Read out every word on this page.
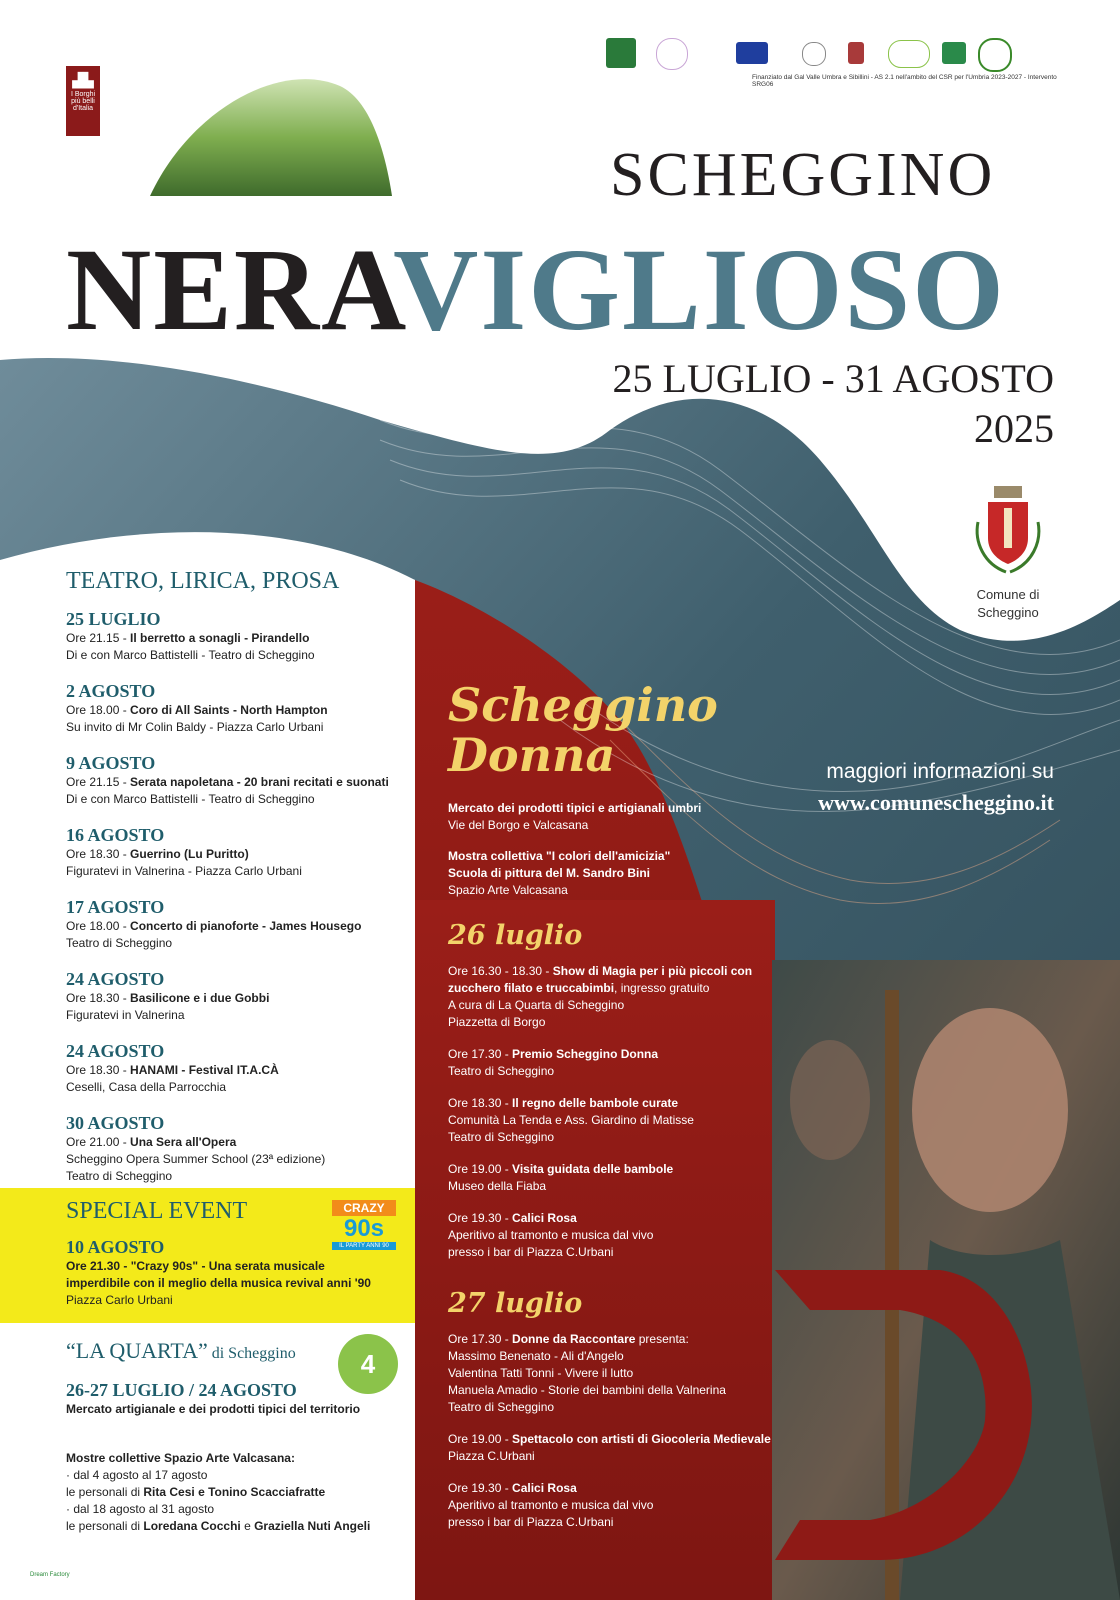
▟▙
I Borghi più belli d'Italia
Finanziato dal Gal Valle Umbra e Sibillini - AS 2.1 nell'ambito del CSR per l'Umbria 2023-2027 - Intervento SRG06
SCHEGGINO
NERAVIGLIOSO
25 LUGLIO - 31 AGOSTO
2025
Comune di
Scheggino
TEATRO, LIRICA, PROSA
25 LUGLIO
Ore 21.15 - Il berretto a sonagli - Pirandello
Di e con Marco Battistelli - Teatro di Scheggino
2 AGOSTO
Ore 18.00 - Coro di All Saints - North Hampton
Su invito di Mr Colin Baldy - Piazza Carlo Urbani
9 AGOSTO
Ore 21.15 - Serata napoletana - 20 brani recitati e suonati
Di e con Marco Battistelli - Teatro di Scheggino
16 AGOSTO
Ore 18.30 - Guerrino (Lu Puritto)
Figuratevi in Valnerina - Piazza Carlo Urbani
17 AGOSTO
Ore 18.00 - Concerto di pianoforte - James Housego
Teatro di Scheggino
24 AGOSTO
Ore 18.30 - Basilicone e i due Gobbi
Figuratevi in Valnerina
24 AGOSTO
Ore 18.30 - HANAMI - Festival IT.A.CÀ
Ceselli, Casa della Parrocchia
30 AGOSTO
Ore 21.00 - Una Sera all'Opera
Scheggino Opera Summer School (23ª edizione)
Teatro di Scheggino
SPECIAL EVENT
10 AGOSTO
Ore 21.30 - "Crazy 90s" - Una serata musicale
imperdibile con il meglio della musica revival anni '90
Piazza Carlo Urbani
CRAZY
90s
IL PARTY ANNI 90
“LA QUARTA” di Scheggino
26-27 LUGLIO / 24 AGOSTO
Mercato artigianale e dei prodotti tipici del territorio
4
Mostre collettive Spazio Arte Valcasana:
· dal 4 agosto al 17 agosto
le personali di Rita Cesi e Tonino Scacciafratte
· dal 18 agosto al 31 agosto
le personali di Loredana Cocchi e Graziella Nuti Angeli
Dream Factory
Scheggino
Donna
Mercato dei prodotti tipici e artigianali umbri
Vie del Borgo e Valcasana
Mostra collettiva "I colori dell'amicizia"
Scuola di pittura del M. Sandro Bini
Spazio Arte Valcasana
26 luglio
Ore 16.30 - 18.30 - Show di Magia per i più piccoli con
zucchero filato e truccabimbi, ingresso gratuito
A cura di La Quarta di Scheggino
Piazzetta di Borgo
Ore 17.30 - Premio Scheggino Donna
Teatro di Scheggino
Ore 18.30 - Il regno delle bambole curate
Comunità La Tenda e Ass. Giardino di Matisse
Teatro di Scheggino
Ore 19.00 - Visita guidata delle bambole
Museo della Fiaba
Ore 19.30 - Calici Rosa
Aperitivo al tramonto e musica dal vivo
presso i bar di Piazza C.Urbani
27 luglio
Ore 17.30 - Donne da Raccontare presenta:
Massimo Benenato - Ali d'Angelo
Valentina Tatti Tonni - Vivere il lutto
Manuela Amadio - Storie dei bambini della Valnerina
Teatro di Scheggino
Ore 19.00 - Spettacolo con artisti di Giocoleria Medievale
Piazza C.Urbani
Ore 19.30 - Calici Rosa
Aperitivo al tramonto e musica dal vivo
presso i bar di Piazza C.Urbani
maggiori informazioni su
www.comunescheggino.it
